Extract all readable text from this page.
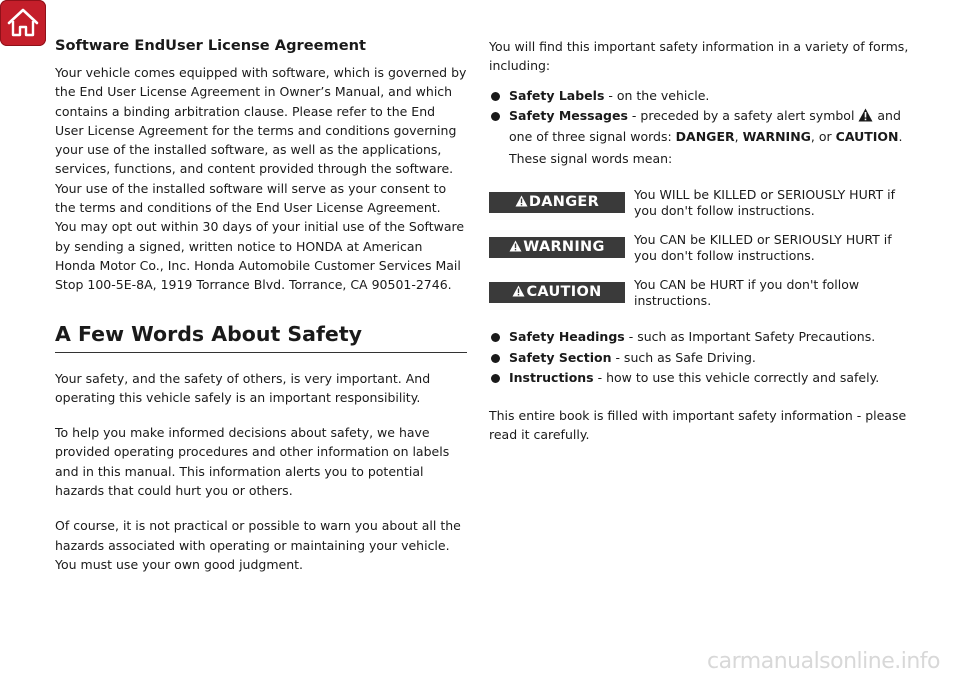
Software EndUser License Agreement

Your vehicle comes equipped with software, which is governed by the End User License Agreement in Owner’s Manual, and which contains a binding arbitration clause. Please refer to the End User License Agreement for the terms and conditions governing your use of the installed software, as well as the applications, services, functions, and content provided through the software. Your use of the installed software will serve as your consent to the terms and conditions of the End User License Agreement.

You may opt out within 30 days of your initial use of the Software by sending a signed, written notice to HONDA at American Honda Motor Co., Inc. Honda Automobile Customer Services Mail Stop 100-5E-8A, 1919 Torrance Blvd. Torrance, CA 90501-2746.

A Few Words About Safety

Your safety, and the safety of others, is very important. And operating this vehicle safely is an important responsibility.

To help you make informed decisions about safety, we have provided operating procedures and other information on labels and in this manual. This information alerts you to potential hazards that could hurt you or others.

Of course, it is not practical or possible to warn you about all the hazards associated with operating or maintaining your vehicle. You must use your own good judgment.

You will find this important safety information in a variety of forms, including:

Safety Labels - on the vehicle.
Safety Messages - preceded by a safety alert symbol  and one of three signal words: DANGER, WARNING, or CAUTION.
These signal words mean:
DANGER	You WILL be KILLED or SERIOUSLY HURT if you don't follow instructions.
WARNING	You CAN be KILLED or SERIOUSLY HURT if you don't follow instructions.
CAUTION	You CAN be HURT if you don't follow instructions.
Safety Headings - such as Important Safety Precautions.
Safety Section - such as Safe Driving.
Instructions - how to use this vehicle correctly and safely.

This entire book is filled with important safety information - please read it carefully.

carmanualsonline.info
